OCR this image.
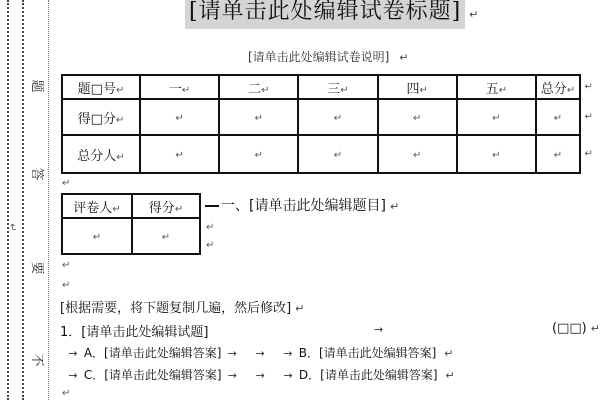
题
答
要
不
↵
[请单击此处编辑试卷标题] ↵
[请单击此处编辑试卷说明] ↵
题□号↵	一↵	二↵	三↵	四↵	五↵	总分↵ ↵

得□分↵	↵	↵	↵	↵	↵	↵ ↵

总分人↵	↵	↵	↵	↵	↵	↵ ↵
↵
评卷人↵	得分↵
↵	↵
一、[请单击此处编辑题目] ↵
↵
↵
↵
↵
[根据需要，将下题复制几遍，然后修改] ↵
1．[请单击此处编辑试题]	→	(□□) ↵
→ A．[请单击此处编辑答案] → → → B．[请单击此处编辑答案] ↵
→ C．[请单击此处编辑答案] → → → D．[请单击此处编辑答案] ↵
↵
